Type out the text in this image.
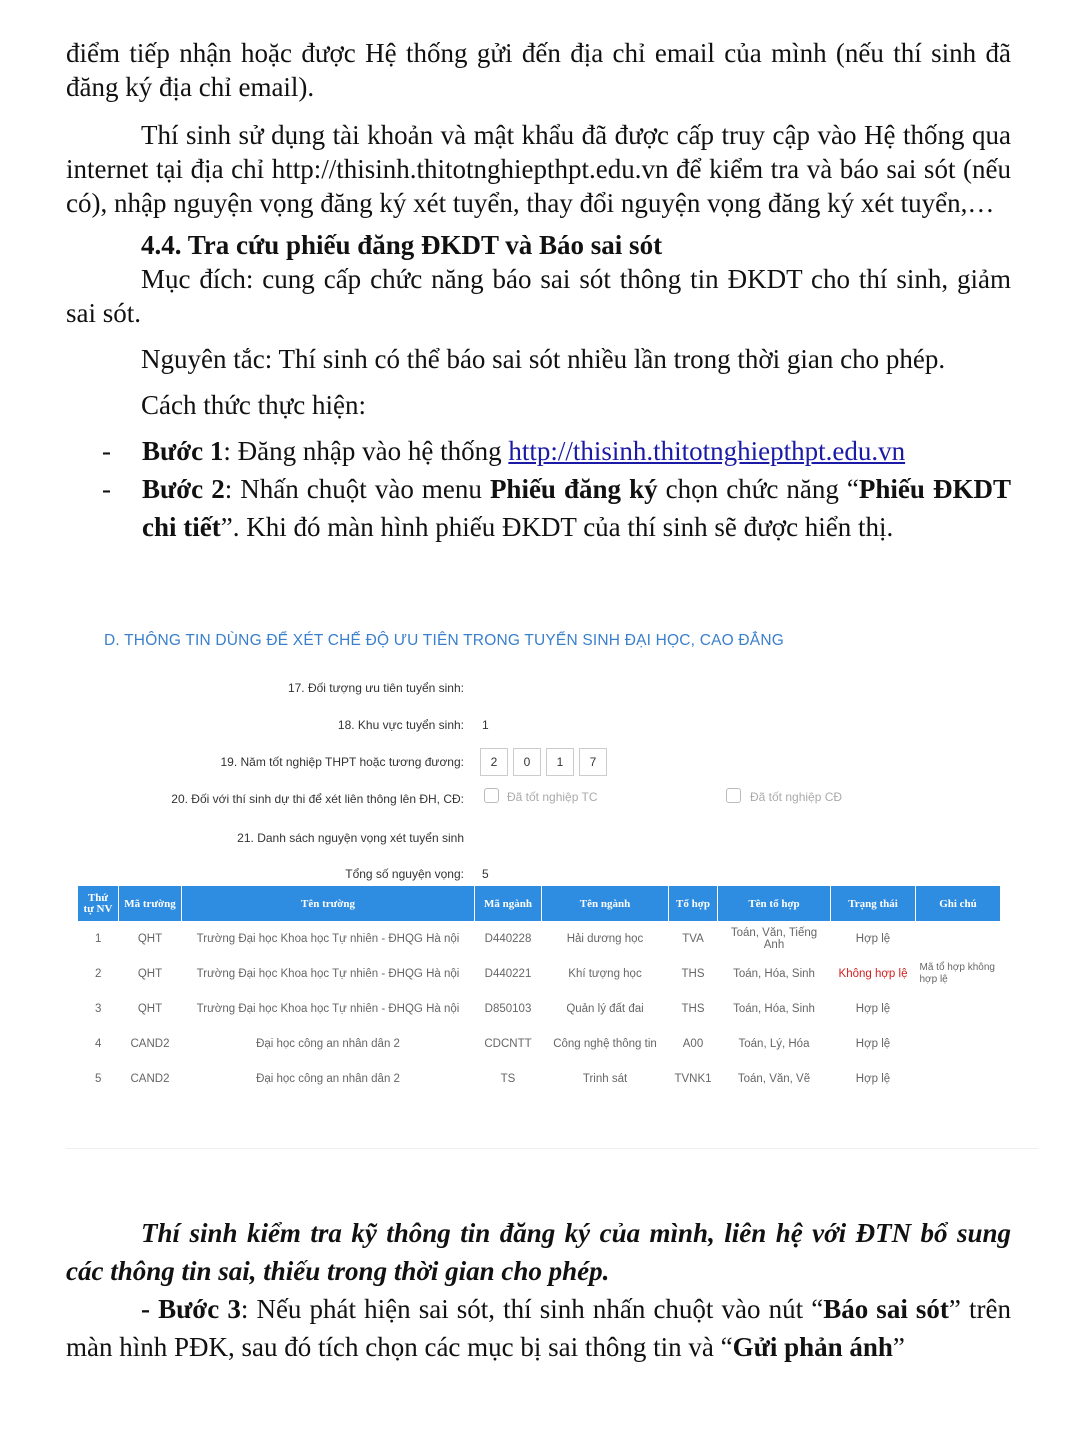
điểm tiếp nhận hoặc được Hệ thống gửi đến địa chỉ email của mình (nếu thí sinh đã đăng ký địa chỉ email).

Thí sinh sử dụng tài khoản và mật khẩu đã được cấp truy cập vào Hệ thống qua internet tại địa chỉ http://thisinh.thitotnghiepthpt.edu.vn để kiểm tra và báo sai sót (nếu có), nhập nguyện vọng đăng ký xét tuyển, thay đổi nguyện vọng đăng ký xét tuyển,…

4.4. Tra cứu phiếu đăng ĐKDT và Báo sai sót

Mục đích: cung cấp chức năng báo sai sót thông tin ĐKDT cho thí sinh, giảm sai sót.

Nguyên tắc: Thí sinh có thể báo sai sót nhiều lần trong thời gian cho phép.

Cách thức thực hiện:

-	Bước 1: Đăng nhập vào hệ thống http://thisinh.thitotnghiepthpt.edu.vn
-	Bước 2: Nhấn chuột vào menu Phiếu đăng ký chọn chức năng “Phiếu ĐKDT chi tiết”. Khi đó màn hình phiếu ĐKDT của thí sinh sẽ được hiển thị.
D. THÔNG TIN DÙNG ĐỂ XÉT CHẾ ĐỘ ƯU TIÊN TRONG TUYỂN SINH ĐẠI HỌC, CAO ĐẲNG
17. Đối tượng ưu tiên tuyển sinh:
18. Khu vực tuyển sinh: 1
19. Năm tốt nghiệp THPT hoặc tương đương:	2	0	1	7
20. Đối với thí sinh dự thi để xét liên thông lên ĐH, CĐ:	Đã tốt nghiệp TC	Đã tốt nghiệp CĐ
21. Danh sách nguyện vọng xét tuyển sinh
Tổng số nguyện vọng: 5
Thứ tự NV	Mã trường	Tên trường	Mã ngành	Tên ngành	Tổ hợp	Tên tổ hợp	Trạng thái	Ghi chú
1	QHT	Trường Đại học Khoa học Tự nhiên - ĐHQG Hà nội	D440228	Hải dương học	TVA	Toán, Văn, Tiếng Anh	Hợp lệ	
2	QHT	Trường Đại học Khoa học Tự nhiên - ĐHQG Hà nội	D440221	Khí tượng học	THS	Toán, Hóa, Sinh	Không hợp lệ	Mã tổ hợp không hợp lệ
3	QHT	Trường Đại học Khoa học Tự nhiên - ĐHQG Hà nội	D850103	Quản lý đất đai	THS	Toán, Hóa, Sinh	Hợp lệ	
4	CAND2	Đại học công an nhân dân 2	CDCNTT	Công nghệ thông tin	A00	Toán, Lý, Hóa	Hợp lệ	
5	CAND2	Đại học công an nhân dân 2	TS	Trinh sát	TVNK1	Toán, Văn, Vẽ	Hợp lệ	

Thí sinh kiểm tra kỹ thông tin đăng ký của mình, liên hệ với ĐTN bổ sung các thông tin sai, thiếu trong thời gian cho phép.

- Bước 3: Nếu phát hiện sai sót, thí sinh nhấn chuột vào nút “Báo sai sót” trên màn hình PĐK, sau đó tích chọn các mục bị sai thông tin và “Gửi phản ánh”
